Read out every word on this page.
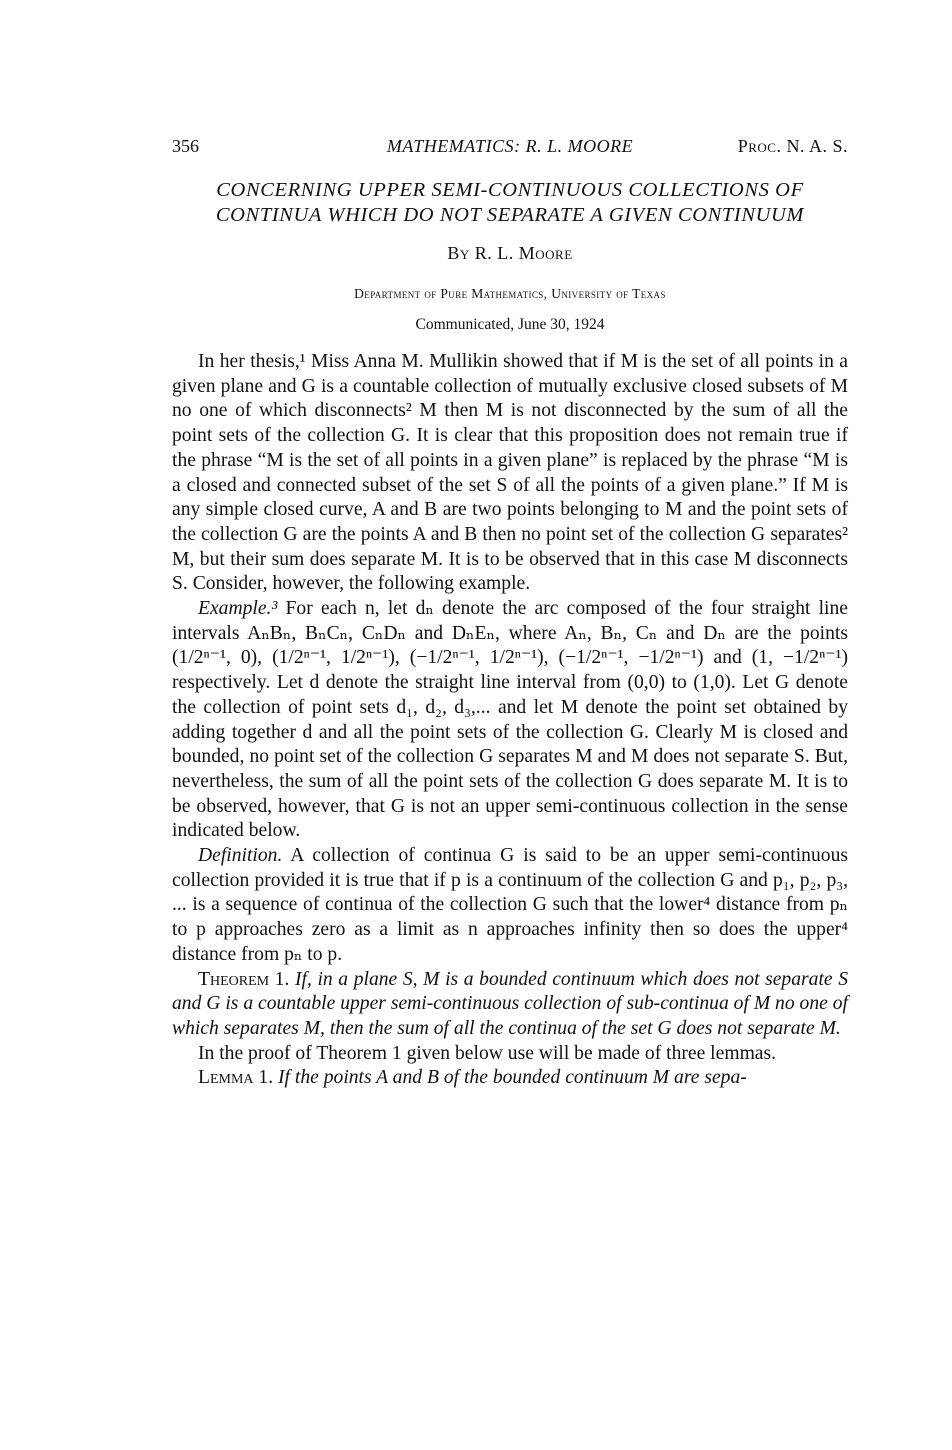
356	MATHEMATICS: R. L. MOORE	Proc. N. A. S.
CONCERNING UPPER SEMI-CONTINUOUS COLLECTIONS OF CONTINUA WHICH DO NOT SEPARATE A GIVEN CONTINUUM
By R. L. Moore
Department of Pure Mathematics, University of Texas
Communicated, June 30, 1924

In her thesis,¹ Miss Anna M. Mullikin showed that if M is the set of all points in a given plane and G is a countable collection of mutually exclusive closed subsets of M no one of which disconnects² M then M is not disconnected by the sum of all the point sets of the collection G. It is clear that this proposition does not remain true if the phrase “M is the set of all points in a given plane” is replaced by the phrase “M is a closed and connected subset of the set S of all the points of a given plane.” If M is any simple closed curve, A and B are two points belonging to M and the point sets of the collection G are the points A and B then no point set of the collection G separates² M, but their sum does separate M. It is to be observed that in this case M disconnects S. Consider, however, the following example.

Example.³ For each n, let dₙ denote the arc composed of the four straight line intervals AₙBₙ, BₙCₙ, CₙDₙ and DₙEₙ, where Aₙ, Bₙ, Cₙ and Dₙ are the points (1/2ⁿ⁻¹, 0), (1/2ⁿ⁻¹, 1/2ⁿ⁻¹), (−1/2ⁿ⁻¹, 1/2ⁿ⁻¹), (−1/2ⁿ⁻¹, −1/2ⁿ⁻¹) and (1, −1/2ⁿ⁻¹) respectively. Let d denote the straight line interval from (0,0) to (1,0). Let G denote the collection of point sets d₁, d₂, d₃,... and let M denote the point set obtained by adding together d and all the point sets of the collection G. Clearly M is closed and bounded, no point set of the collection G separates M and M does not separate S. But, nevertheless, the sum of all the point sets of the collection G does separate M. It is to be observed, however, that G is not an upper semi-continuous collection in the sense indicated below.

Definition. A collection of continua G is said to be an upper semi-continuous collection provided it is true that if p is a continuum of the collection G and p₁, p₂, p₃, ... is a sequence of continua of the collection G such that the lower⁴ distance from pₙ to p approaches zero as a limit as n approaches infinity then so does the upper⁴ distance from pₙ to p.

Theorem 1. If, in a plane S, M is a bounded continuum which does not separate S and G is a countable upper semi-continuous collection of sub-continua of M no one of which separates M, then the sum of all the continua of the set G does not separate M.

In the proof of Theorem 1 given below use will be made of three lemmas.

Lemma 1. If the points A and B of the bounded continuum M are sepa-
